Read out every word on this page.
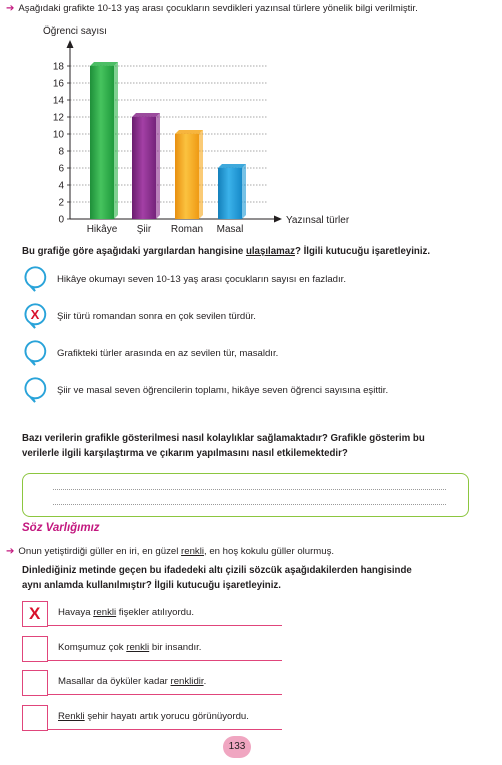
➔ Aşağıdaki grafikte 10-13 yaş arası çocukların sevdikleri yazınsal türlere yönelik bilgi verilmiştir.
Öğrenci sayısı
0
2
4
6
8
10
12
14
16
18
Yazınsal türler
Hikâye Şiir Roman Masal
Bu grafiğe göre aşağıdaki yargılardan hangisine ulaşılamaz? İlgili kutucuğu işaretleyiniz.
Hikâye okumayı seven 10-13 yaş arası çocukların sayısı en fazladır.
X Şiir türü romandan sonra en çok sevilen türdür.
Grafikteki türler arasında en az sevilen tür, masaldır.
Şiir ve masal seven öğrencilerin toplamı, hikâye seven öğrenci sayısına eşittir.
Bazı verilerin grafikle gösterilmesi nasıl kolaylıklar sağlamaktadır? Grafikle gösterim bu
verilerle ilgili karşılaştırma ve çıkarım yapılmasını nasıl etkilemektedir?
Söz Varlığımız
➔ Onun yetiştirdiği güller en iri, en güzel renkli, en hoş kokulu güller olurmuş.
Dinlediğiniz metinde geçen bu ifadedeki altı çizili sözcük aşağıdakilerden hangisinde
aynı anlamda kullanılmıştır? İlgili kutucuğu işaretleyiniz.
X Havaya renkli fişekler atılıyordu.
Komşumuz çok renkli bir insandır.
Masallar da öyküler kadar renklidir.
Renkli şehir hayatı artık yorucu görünüyordu.
133
